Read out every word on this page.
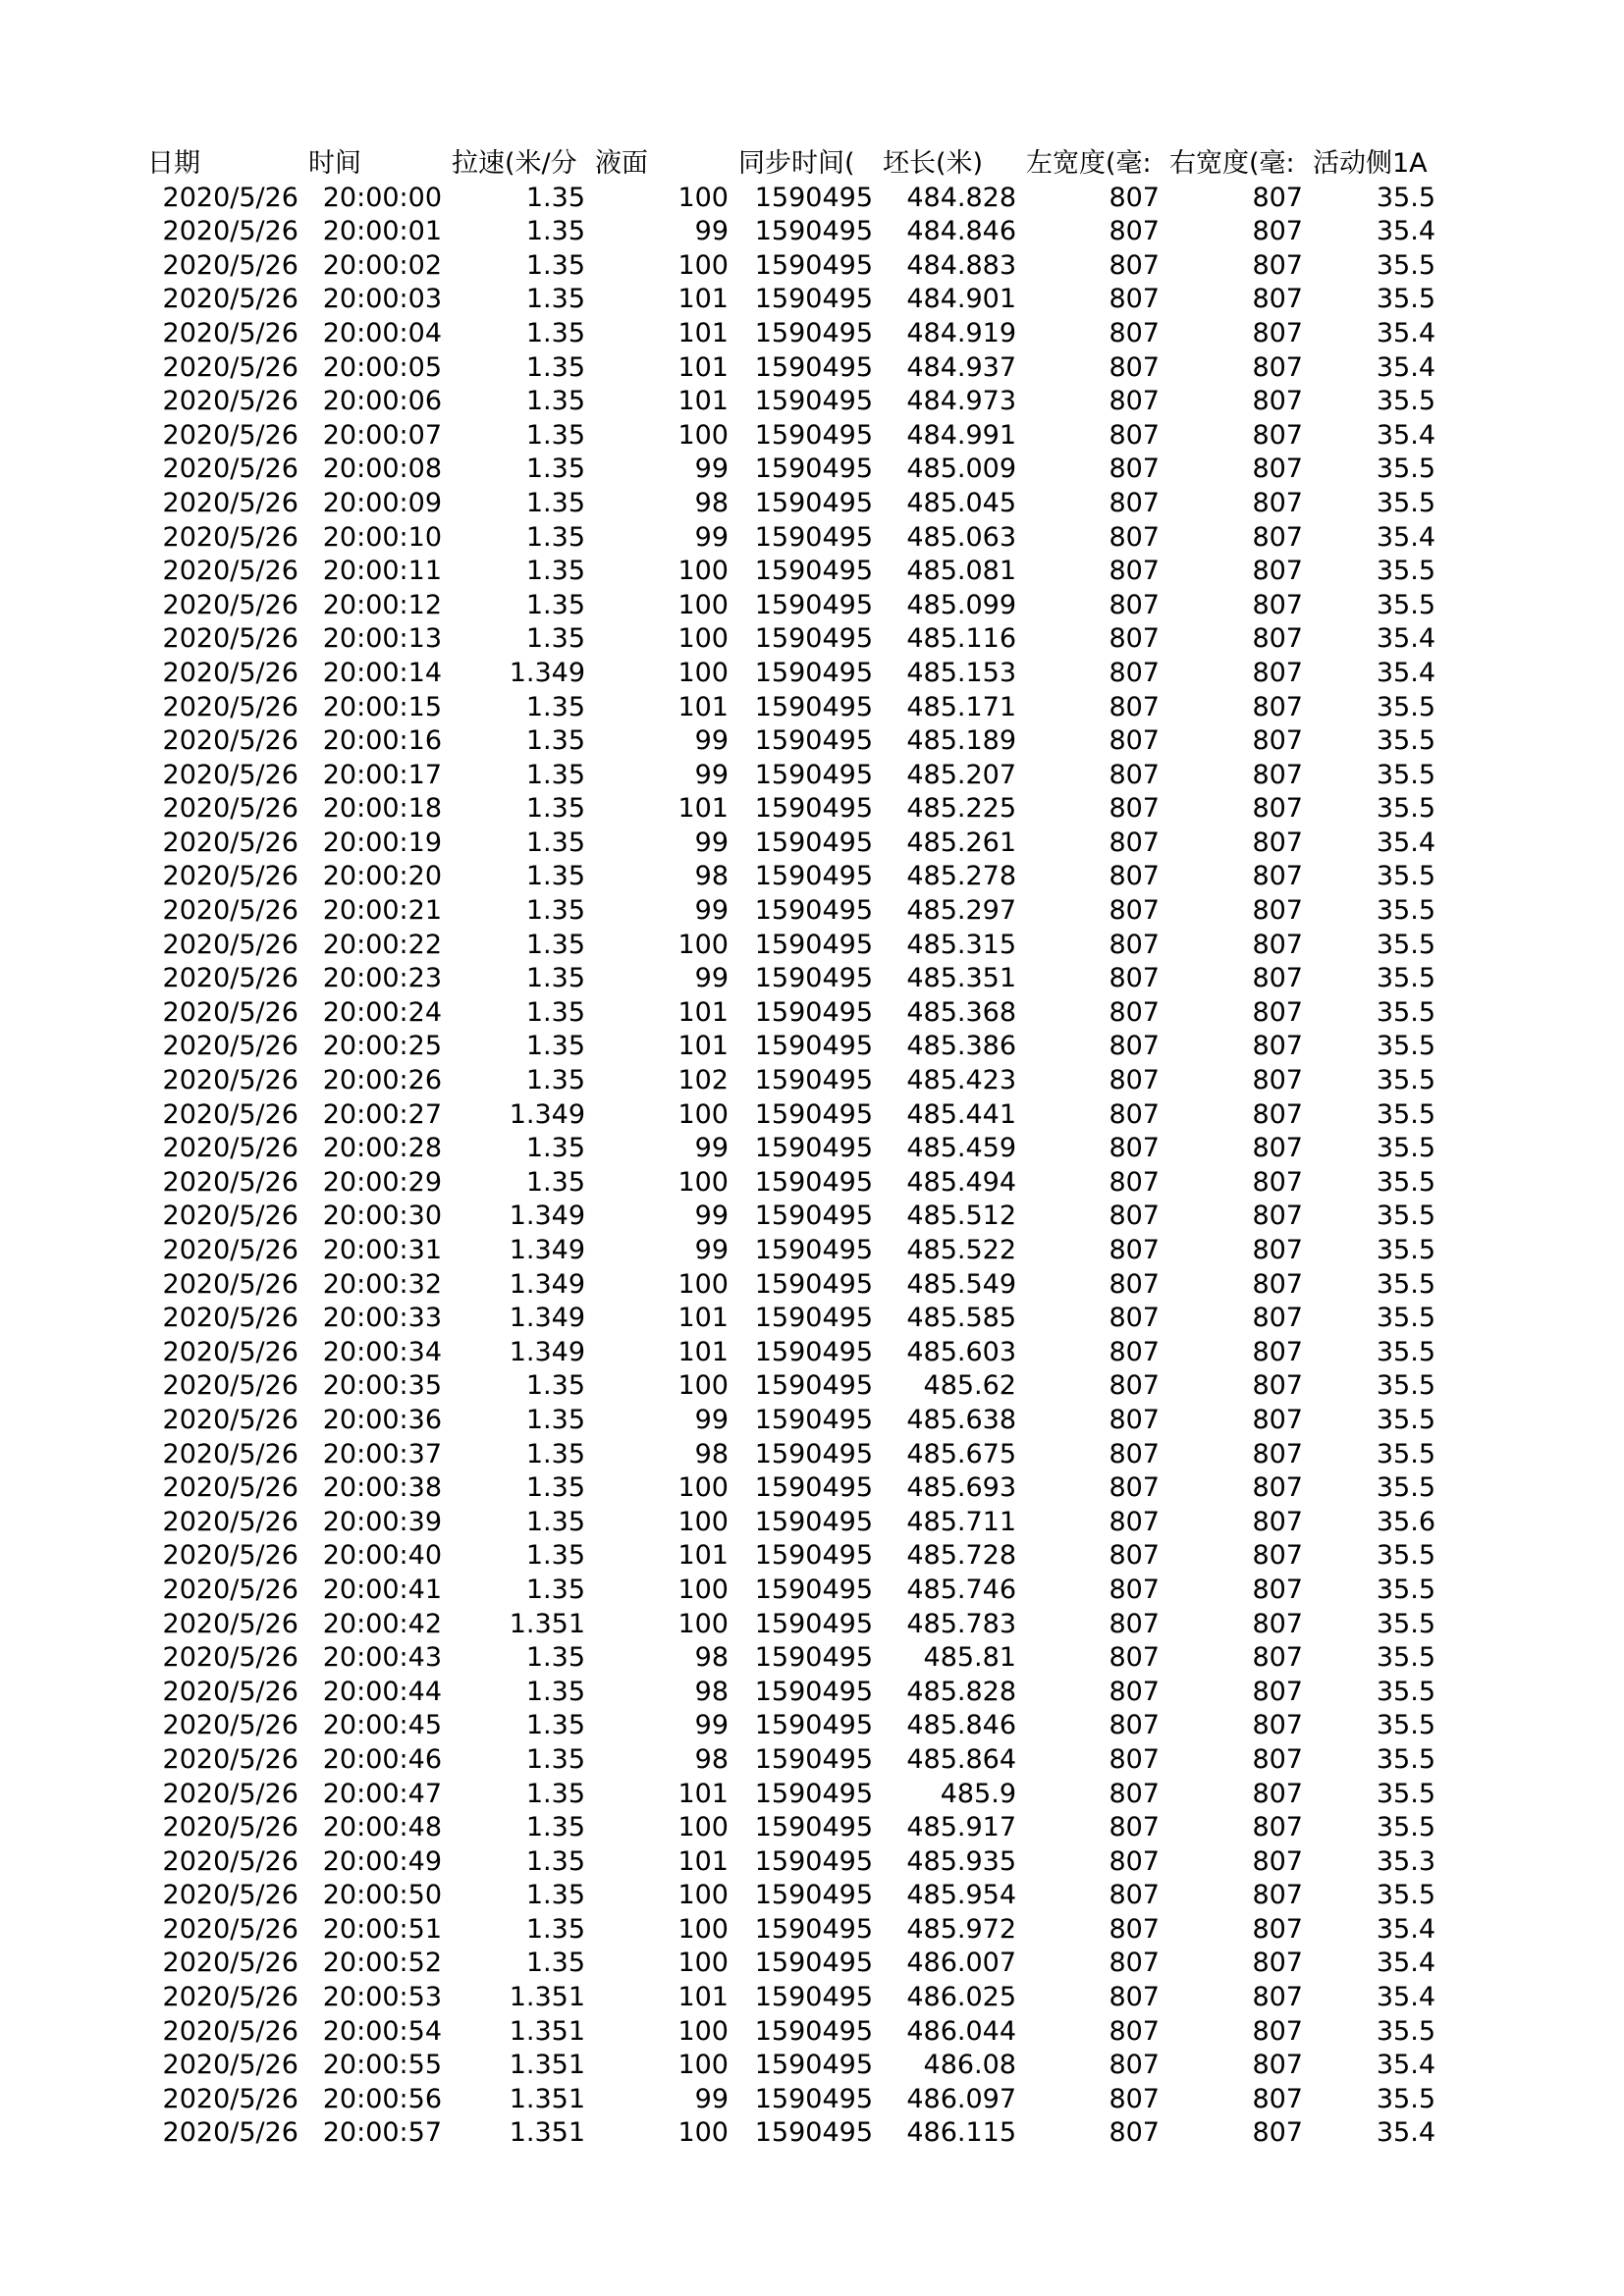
日期	时间	拉速(米/分	液面	同步时间(	坯长(米)	左宽度(毫:	右宽度(毫:	活动侧1A
2020/5/26	20:00:00	1.35	100	1590495	484.828	807	807	35.5
2020/5/26	20:00:01	1.35	99	1590495	484.846	807	807	35.4
2020/5/26	20:00:02	1.35	100	1590495	484.883	807	807	35.5
2020/5/26	20:00:03	1.35	101	1590495	484.901	807	807	35.5
2020/5/26	20:00:04	1.35	101	1590495	484.919	807	807	35.4
2020/5/26	20:00:05	1.35	101	1590495	484.937	807	807	35.4
2020/5/26	20:00:06	1.35	101	1590495	484.973	807	807	35.5
2020/5/26	20:00:07	1.35	100	1590495	484.991	807	807	35.4
2020/5/26	20:00:08	1.35	99	1590495	485.009	807	807	35.5
2020/5/26	20:00:09	1.35	98	1590495	485.045	807	807	35.5
2020/5/26	20:00:10	1.35	99	1590495	485.063	807	807	35.4
2020/5/26	20:00:11	1.35	100	1590495	485.081	807	807	35.5
2020/5/26	20:00:12	1.35	100	1590495	485.099	807	807	35.5
2020/5/26	20:00:13	1.35	100	1590495	485.116	807	807	35.4
2020/5/26	20:00:14	1.349	100	1590495	485.153	807	807	35.4
2020/5/26	20:00:15	1.35	101	1590495	485.171	807	807	35.5
2020/5/26	20:00:16	1.35	99	1590495	485.189	807	807	35.5
2020/5/26	20:00:17	1.35	99	1590495	485.207	807	807	35.5
2020/5/26	20:00:18	1.35	101	1590495	485.225	807	807	35.5
2020/5/26	20:00:19	1.35	99	1590495	485.261	807	807	35.4
2020/5/26	20:00:20	1.35	98	1590495	485.278	807	807	35.5
2020/5/26	20:00:21	1.35	99	1590495	485.297	807	807	35.5
2020/5/26	20:00:22	1.35	100	1590495	485.315	807	807	35.5
2020/5/26	20:00:23	1.35	99	1590495	485.351	807	807	35.5
2020/5/26	20:00:24	1.35	101	1590495	485.368	807	807	35.5
2020/5/26	20:00:25	1.35	101	1590495	485.386	807	807	35.5
2020/5/26	20:00:26	1.35	102	1590495	485.423	807	807	35.5
2020/5/26	20:00:27	1.349	100	1590495	485.441	807	807	35.5
2020/5/26	20:00:28	1.35	99	1590495	485.459	807	807	35.5
2020/5/26	20:00:29	1.35	100	1590495	485.494	807	807	35.5
2020/5/26	20:00:30	1.349	99	1590495	485.512	807	807	35.5
2020/5/26	20:00:31	1.349	99	1590495	485.522	807	807	35.5
2020/5/26	20:00:32	1.349	100	1590495	485.549	807	807	35.5
2020/5/26	20:00:33	1.349	101	1590495	485.585	807	807	35.5
2020/5/26	20:00:34	1.349	101	1590495	485.603	807	807	35.5
2020/5/26	20:00:35	1.35	100	1590495	485.62	807	807	35.5
2020/5/26	20:00:36	1.35	99	1590495	485.638	807	807	35.5
2020/5/26	20:00:37	1.35	98	1590495	485.675	807	807	35.5
2020/5/26	20:00:38	1.35	100	1590495	485.693	807	807	35.5
2020/5/26	20:00:39	1.35	100	1590495	485.711	807	807	35.6
2020/5/26	20:00:40	1.35	101	1590495	485.728	807	807	35.5
2020/5/26	20:00:41	1.35	100	1590495	485.746	807	807	35.5
2020/5/26	20:00:42	1.351	100	1590495	485.783	807	807	35.5
2020/5/26	20:00:43	1.35	98	1590495	485.81	807	807	35.5
2020/5/26	20:00:44	1.35	98	1590495	485.828	807	807	35.5
2020/5/26	20:00:45	1.35	99	1590495	485.846	807	807	35.5
2020/5/26	20:00:46	1.35	98	1590495	485.864	807	807	35.5
2020/5/26	20:00:47	1.35	101	1590495	485.9	807	807	35.5
2020/5/26	20:00:48	1.35	100	1590495	485.917	807	807	35.5
2020/5/26	20:00:49	1.35	101	1590495	485.935	807	807	35.3
2020/5/26	20:00:50	1.35	100	1590495	485.954	807	807	35.5
2020/5/26	20:00:51	1.35	100	1590495	485.972	807	807	35.4
2020/5/26	20:00:52	1.35	100	1590495	486.007	807	807	35.4
2020/5/26	20:00:53	1.351	101	1590495	486.025	807	807	35.4
2020/5/26	20:00:54	1.351	100	1590495	486.044	807	807	35.5
2020/5/26	20:00:55	1.351	100	1590495	486.08	807	807	35.4
2020/5/26	20:00:56	1.351	99	1590495	486.097	807	807	35.5
2020/5/26	20:00:57	1.351	100	1590495	486.115	807	807	35.4
